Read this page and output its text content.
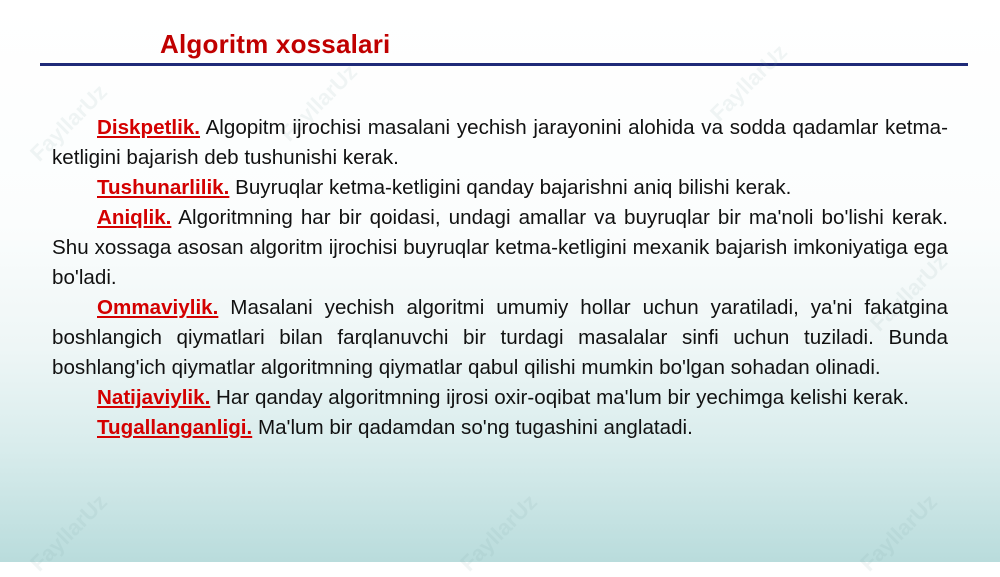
Algoritm xossalari
FayllarUz	FayllarUz	FayllarUz
FayllarUz
FayllarUz	FayllarUz	FayllarUz

Diskpetlik. Algopitm ijrochisi masalani yechish jarayonini alohida va sodda qadamlar ketma-ketligini bajarish deb tushunishi kerak.

Tushunarlilik. Buyruqlar ketma-ketligini qanday bajarishni aniq bilishi kerak.

Aniqlik. Algoritmning har bir qoidasi, undagi amallar va buyruqlar bir ma'noli bo'lishi kerak. Shu xossaga asosan algoritm ijrochisi buyruqlar ketma-ketligini mexanik bajarish imkoniyatiga ega bo'ladi.

Ommaviylik. Masalani yechish algoritmi umumiy hollar uchun yaratiladi, ya'ni fakatgina boshlangich qiymatlari bilan farqlanuvchi bir turdagi masalalar sinfi uchun tuziladi. Bunda boshlang'ich qiymatlar algoritmning qiymatlar qabul qilishi mumkin bo'lgan sohadan olinadi.

Natijaviylik. Har qanday algoritmning ijrosi oxir-oqibat ma'lum bir yechimga kelishi kerak.

Tugallanganligi. Ma'lum bir qadamdan so'ng tugashini anglatadi.
